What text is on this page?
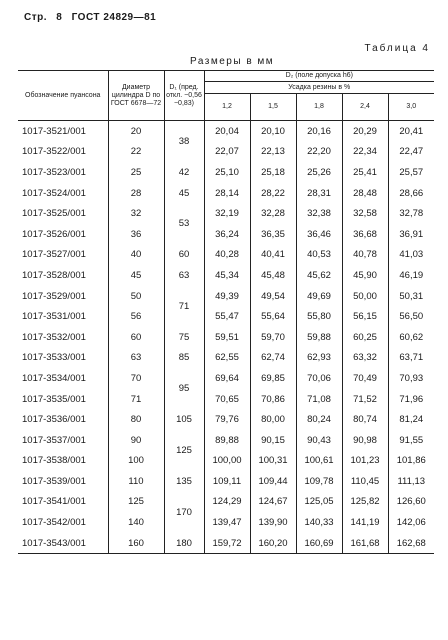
Стр. 8 ГОСТ 24829—81
Таблица 4
Размеры в мм
Обозначение пуансона	Диаметр цилиндра D по ГОСТ 6678—72	D₁ (пред. откл. −0,56 −0,83)	D₂ (поле допуска h6)				
			Усадка резины в %				
			1,2	1,5	1,8	2,4	3,0
1017-3521/001	20	38	20,04	20,10	20,16	20,29	20,41
1017-3522/001	22		22,07	22,13	22,20	22,34	22,47
1017-3523/001	25	42	25,10	25,18	25,26	25,41	25,57
1017-3524/001	28	45	28,14	28,22	28,31	28,48	28,66
1017-3525/001	32	53	32,19	32,28	32,38	32,58	32,78
1017-3526/001	36		36,24	36,35	36,46	36,68	36,91
1017-3527/001	40	60	40,28	40,41	40,53	40,78	41,03
1017-3528/001	45	63	45,34	45,48	45,62	45,90	46,19
1017-3529/001	50	71	49,39	49,54	49,69	50,00	50,31
1017-3531/001	56		55,47	55,64	55,80	56,15	56,50
1017-3532/001	60	75	59,51	59,70	59,88	60,25	60,62
1017-3533/001	63	85	62,55	62,74	62,93	63,32	63,71
1017-3534/001	70	95	69,64	69,85	70,06	70,49	70,93
1017-3535/001	71		70,65	70,86	71,08	71,52	71,96
1017-3536/001	80	105	79,76	80,00	80,24	80,74	81,24
1017-3537/001	90	125	89,88	90,15	90,43	90,98	91,55
1017-3538/001	100		100,00	100,31	100,61	101,23	101,86
1017-3539/001	110	135	109,11	109,44	109,78	110,45	111,13
1017-3541/001	125	170	124,29	124,67	125,05	125,82	126,60
1017-3542/001	140		139,47	139,90	140,33	141,19	142,06
1017-3543/001	160	180	159,72	160,20	160,69	161,68	162,68
